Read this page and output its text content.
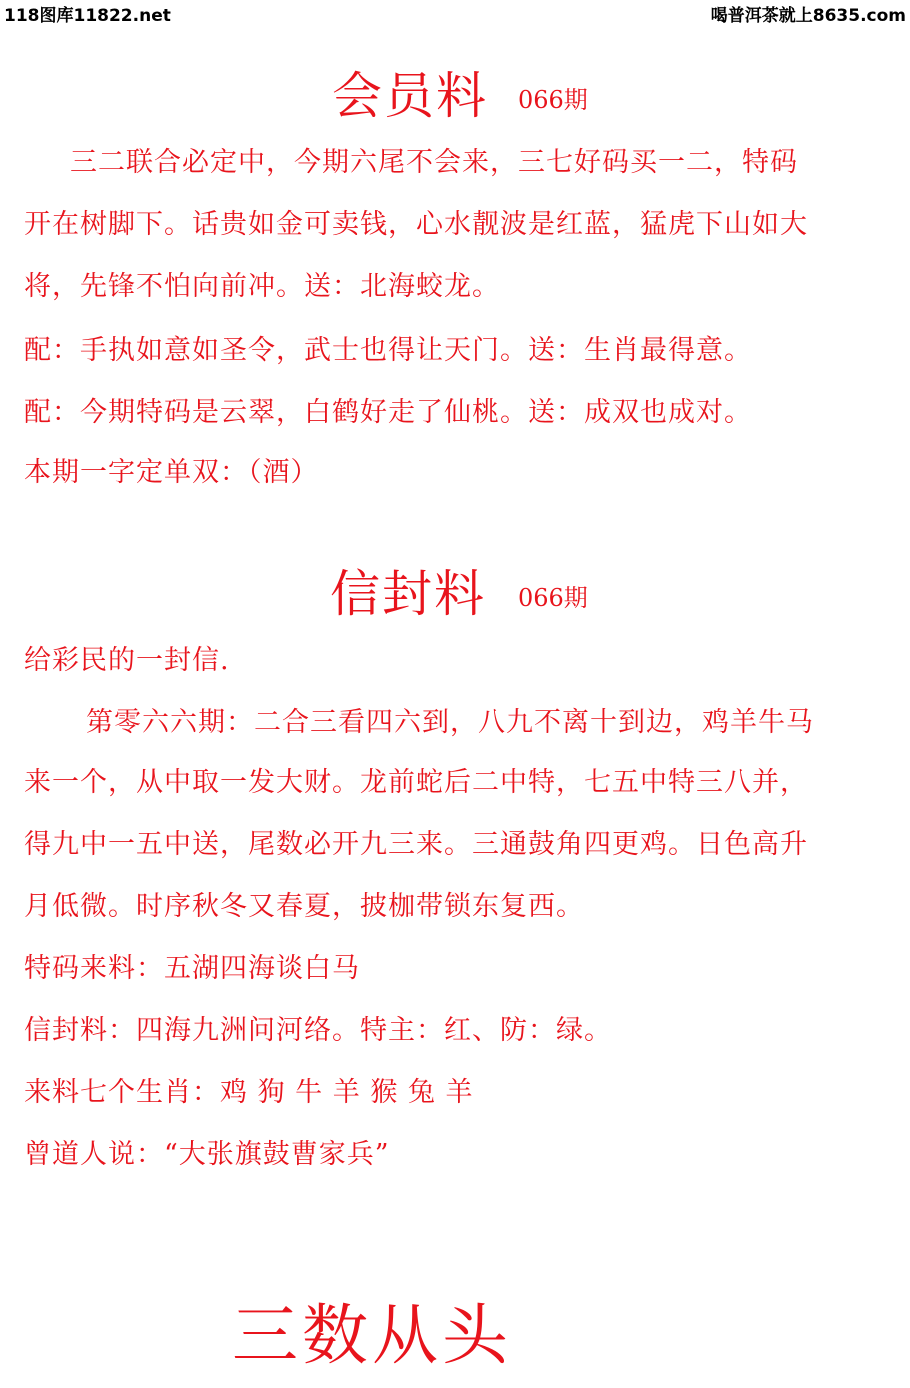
118图库11822.net	喝普洱茶就上8635.com
会员料 066期
三二联合必定中，今期六尾不会来，三七好码买一二，特码
开在树脚下。话贵如金可卖钱，心水靓波是红蓝，猛虎下山如大
将，先锋不怕向前冲。送：北海蛟龙。
配：手执如意如圣令，武士也得让天门。送：生肖最得意。
配：今期特码是云翠，白鹤好走了仙桃。送：成双也成对。
本期一字定单双：（酒）
信封料 066期
给彩民的一封信.
第零六六期：二合三看四六到，八九不离十到边，鸡羊牛马
来一个，从中取一发大财。龙前蛇后二中特，七五中特三八并，
得九中一五中送，尾数必开九三来。三通鼓角四更鸡。日色高升
月低微。时序秋冬又春夏，披枷带锁东复西。
特码来料：五湖四海谈白马
信封料：四海九洲问河络。特主：红、防：绿。
来料七个生肖：鸡 狗 牛 羊 猴 兔 羊
曾道人说：“大张旗鼓曹家兵”
三数从头
